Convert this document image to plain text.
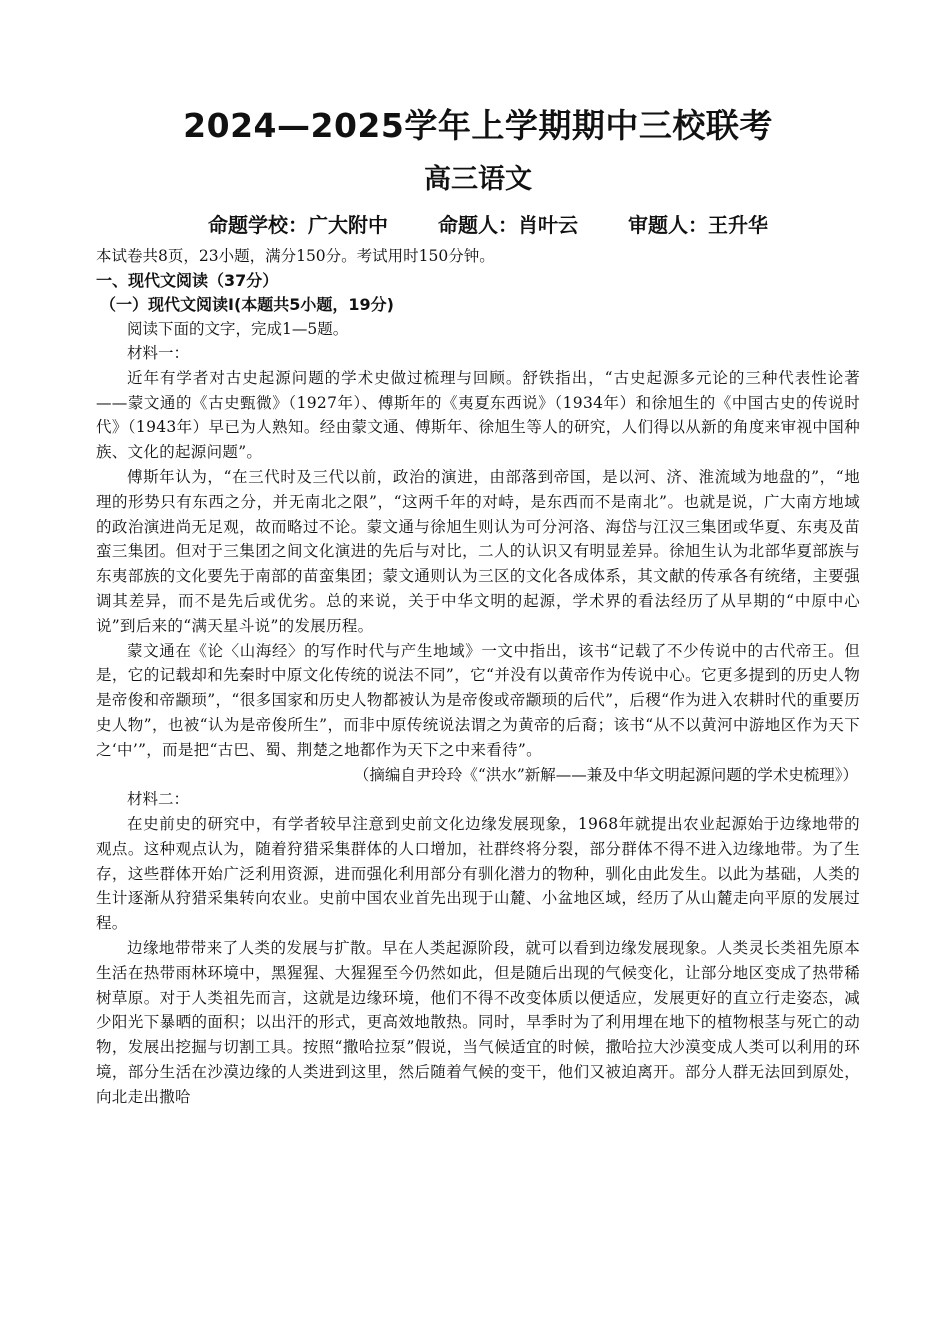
2024—2025学年上学期期中三校联考
高三语文
命题学校：广大附中	命题人：肖叶云	审题人：王升华

本试卷共8页，23小题，满分150分。考试用时150分钟。

一、现代文阅读（37分）

（一）现代文阅读Ⅰ(本题共5小题，19分)

阅读下面的文字，完成1—5题。

材料一：

近年有学者对古史起源问题的学术史做过梳理与回顾。舒铁指出，“古史起源多元论的三种代表性论著——蒙文通的《古史甄微》（1927年）、傅斯年的《夷夏东西说》（1934年）和徐旭生的《中国古史的传说时代》（1943年）早已为人熟知。经由蒙文通、傅斯年、徐旭生等人的研究，人们得以从新的角度来审视中国种族、文化的起源问题”。

傅斯年认为，“在三代时及三代以前，政治的演进，由部落到帝国，是以河、济、淮流域为地盘的”，“地理的形势只有东西之分，并无南北之限”，“这两千年的对峙，是东西而不是南北”。也就是说，广大南方地域的政治演进尚无足观，故而略过不论。蒙文通与徐旭生则认为可分河洛、海岱与江汉三集团或华夏、东夷及苗蛮三集团。但对于三集团之间文化演进的先后与对比，二人的认识又有明显差异。徐旭生认为北部华夏部族与东夷部族的文化要先于南部的苗蛮集团；蒙文通则认为三区的文化各成体系，其文献的传承各有统绪，主要强调其差异，而不是先后或优劣。总的来说，关于中华文明的起源，学术界的看法经历了从早期的“中原中心说”到后来的“满天星斗说”的发展历程。

蒙文通在《论〈山海经〉的写作时代与产生地域》一文中指出，该书“记载了不少传说中的古代帝王。但是，它的记载却和先秦时中原文化传统的说法不同”，它“并没有以黄帝作为传说中心。它更多提到的历史人物是帝俊和帝颛顼”，“很多国家和历史人物都被认为是帝俊或帝颛顼的后代”，后稷“作为进入农耕时代的重要历史人物”，也被“认为是帝俊所生”，而非中原传统说法谓之为黄帝的后裔；该书“从不以黄河中游地区作为天下之‘中’”，而是把“古巴、蜀、荆楚之地都作为天下之中来看待”。

（摘编自尹玲玲《“洪水”新解——兼及中华文明起源问题的学术史梳理》）

材料二：

在史前史的研究中，有学者较早注意到史前文化边缘发展现象，1968年就提出农业起源始于边缘地带的观点。这种观点认为，随着狩猎采集群体的人口增加，社群终将分裂，部分群体不得不进入边缘地带。为了生存，这些群体开始广泛利用资源，进而强化利用部分有驯化潜力的物种，驯化由此发生。以此为基础，人类的生计逐渐从狩猎采集转向农业。史前中国农业首先出现于山麓、小盆地区域，经历了从山麓走向平原的发展过程。

边缘地带带来了人类的发展与扩散。早在人类起源阶段，就可以看到边缘发展现象。人类灵长类祖先原本生活在热带雨林环境中，黑猩猩、大猩猩至今仍然如此，但是随后出现的气候变化，让部分地区变成了热带稀树草原。对于人类祖先而言，这就是边缘环境，他们不得不改变体质以便适应，发展更好的直立行走姿态，减少阳光下暴晒的面积；以出汗的形式，更高效地散热。同时，旱季时为了利用埋在地下的植物根茎与死亡的动物，发展出挖掘与切割工具。按照“撒哈拉泵”假说，当气候适宜的时候，撒哈拉大沙漠变成人类可以利用的环境，部分生活在沙漠边缘的人类进到这里，然后随着气候的变干，他们又被迫离开。部分人群无法回到原处，向北走出撒哈
